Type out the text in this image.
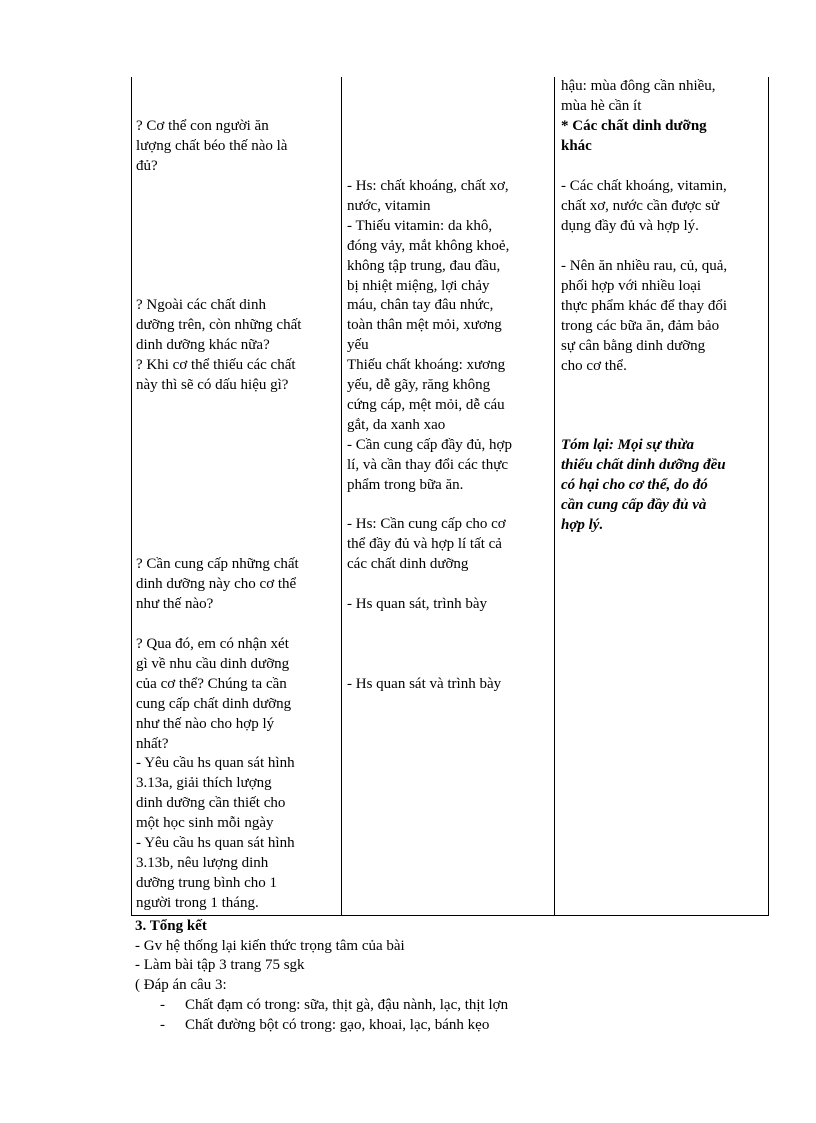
? Cơ thể con người ăn
lượng chất béo thế nào là
đủ?
? Ngoài các chất dinh
dưỡng trên, còn những chất
dinh dưỡng khác nữa?
? Khi cơ thể thiếu các chất
này thì sẽ có dấu hiệu gì?
? Cần cung cấp những chất
dinh dưỡng này cho cơ thể
như thế nào?
? Qua đó, em có nhận xét
gì về nhu cầu dinh dưỡng
của cơ thể? Chúng ta cần
cung cấp chất dinh dưỡng
như thế nào cho hợp lý
nhất?
- Yêu cầu hs quan sát hình
3.13a, giải thích lượng
dinh dưỡng cần thiết cho
một học sinh mỗi ngày
- Yêu cầu hs quan sát hình
3.13b, nêu lượng dinh
dưỡng trung bình cho 1
người trong 1 tháng.
- Hs: chất khoáng, chất xơ,
nước, vitamin
- Thiếu vitamin: da khô,
đóng vảy, mắt không khoẻ,
không tập trung, đau đầu,
bị nhiệt miệng, lợi chảy
máu, chân tay đâu nhức,
toàn thân mệt mỏi, xương
yếu
Thiếu chất khoáng: xương
yếu, dễ gãy, răng không
cứng cáp, mệt mỏi, dễ cáu
gắt, da xanh xao
- Cần cung cấp đầy đủ, hợp
lí, và cần thay đổi các thực
phẩm trong bữa ăn.
- Hs: Cần cung cấp cho cơ
thể đầy đủ và hợp lí tất cả
các chất dinh dưỡng
- Hs quan sát, trình bày
- Hs quan sát và trình bày
hậu: mùa đông cần nhiều,
mùa hè cần ít
* Các chất dinh dưỡng
khác
- Các chất khoáng, vitamin,
chất xơ, nước cần được sử
dụng đầy đủ và hợp lý.
- Nên ăn nhiều rau, củ, quả,
phối hợp với nhiều loại
thực phẩm khác để thay đổi
trong các bữa ăn, đảm bảo
sự cân bằng dinh dưỡng
cho cơ thể.
Tóm lại: Mọi sự thừa
thiếu chất dinh dưỡng đều
có hại cho cơ thể, do đó
cần cung cấp đầy đủ và
hợp lý.
3. Tổng kết
- Gv hệ thống lại kiến thức trọng tâm của bài
- Làm bài tập 3 trang 75 sgk
( Đáp án câu 3:
- Chất đạm có trong: sữa, thịt gà, đậu nành, lạc, thịt lợn
- Chất đường bột có trong: gạo, khoai, lạc, bánh kẹo
